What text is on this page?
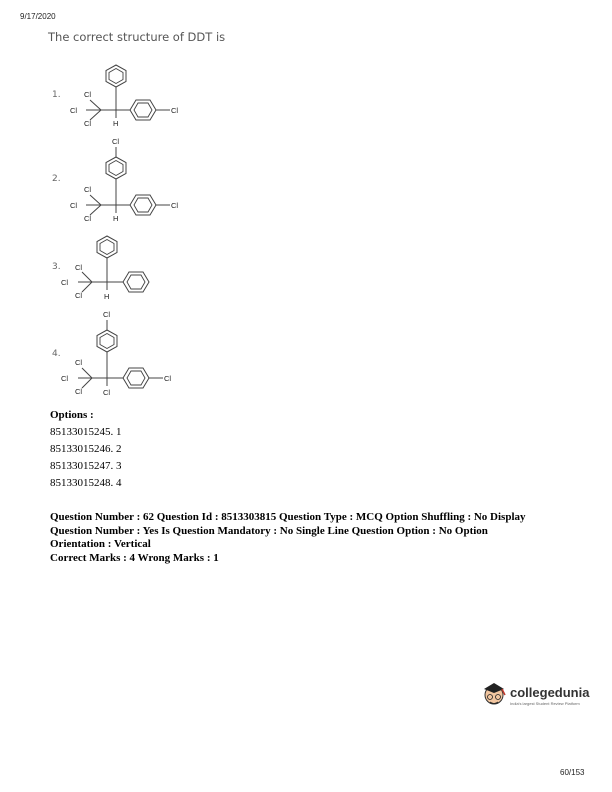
9/17/2020
The correct structure of DDT is
1.	Cl
Cl
Cl	H
Cl
2.
Cl
Cl
Cl
Cl	H
Cl
3. Cl
Cl
Cl	H
4.
Cl
Cl
Cl
Cl	Cl
Cl
Options :
85133015245. 1
85133015246. 2
85133015247. 3
85133015248. 4
Question Number : 62 Question Id : 8513303815 Question Type : MCQ Option Shuffling : No Display
Question Number : Yes Is Question Mandatory : No Single Line Question Option : No Option
Orientation : Vertical
Correct Marks : 4 Wrong Marks : 1
collegedunia
India's largest Student Review Platform
60/153
